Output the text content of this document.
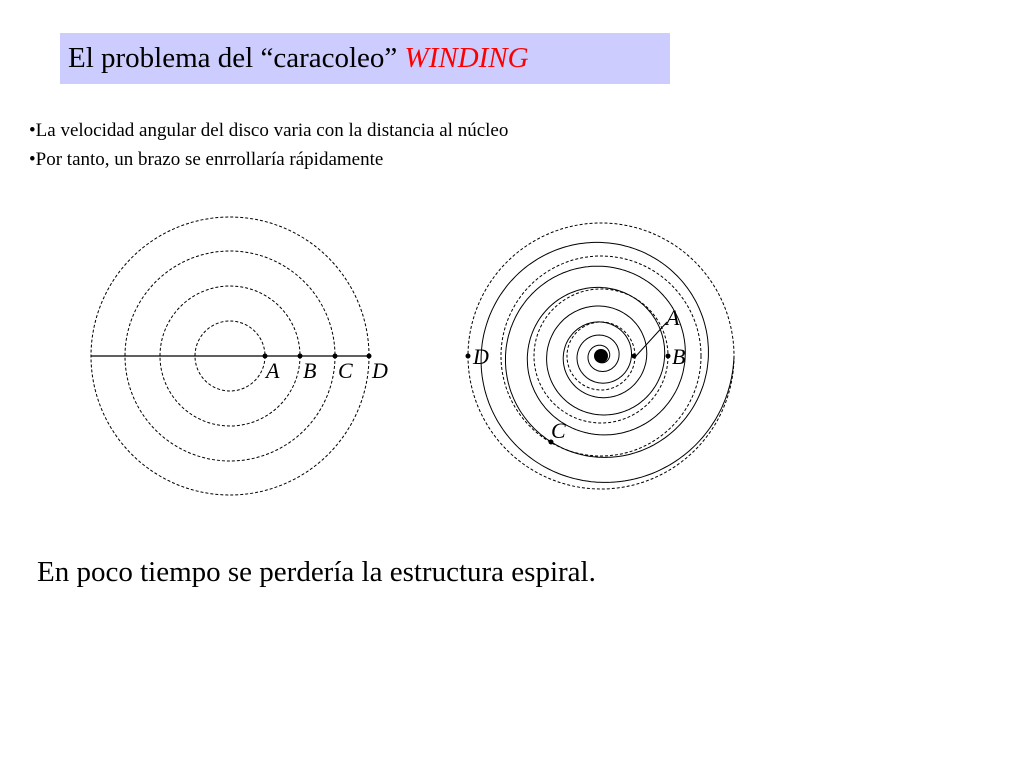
El problema del “caracoleo” WINDING
•La velocidad angular del disco varia con la distancia al núcleo
•Por tanto, un brazo se enrrollaría rápidamente
A B C D
A
B
C
D
En poco tiempo se perdería la estructura espiral.
